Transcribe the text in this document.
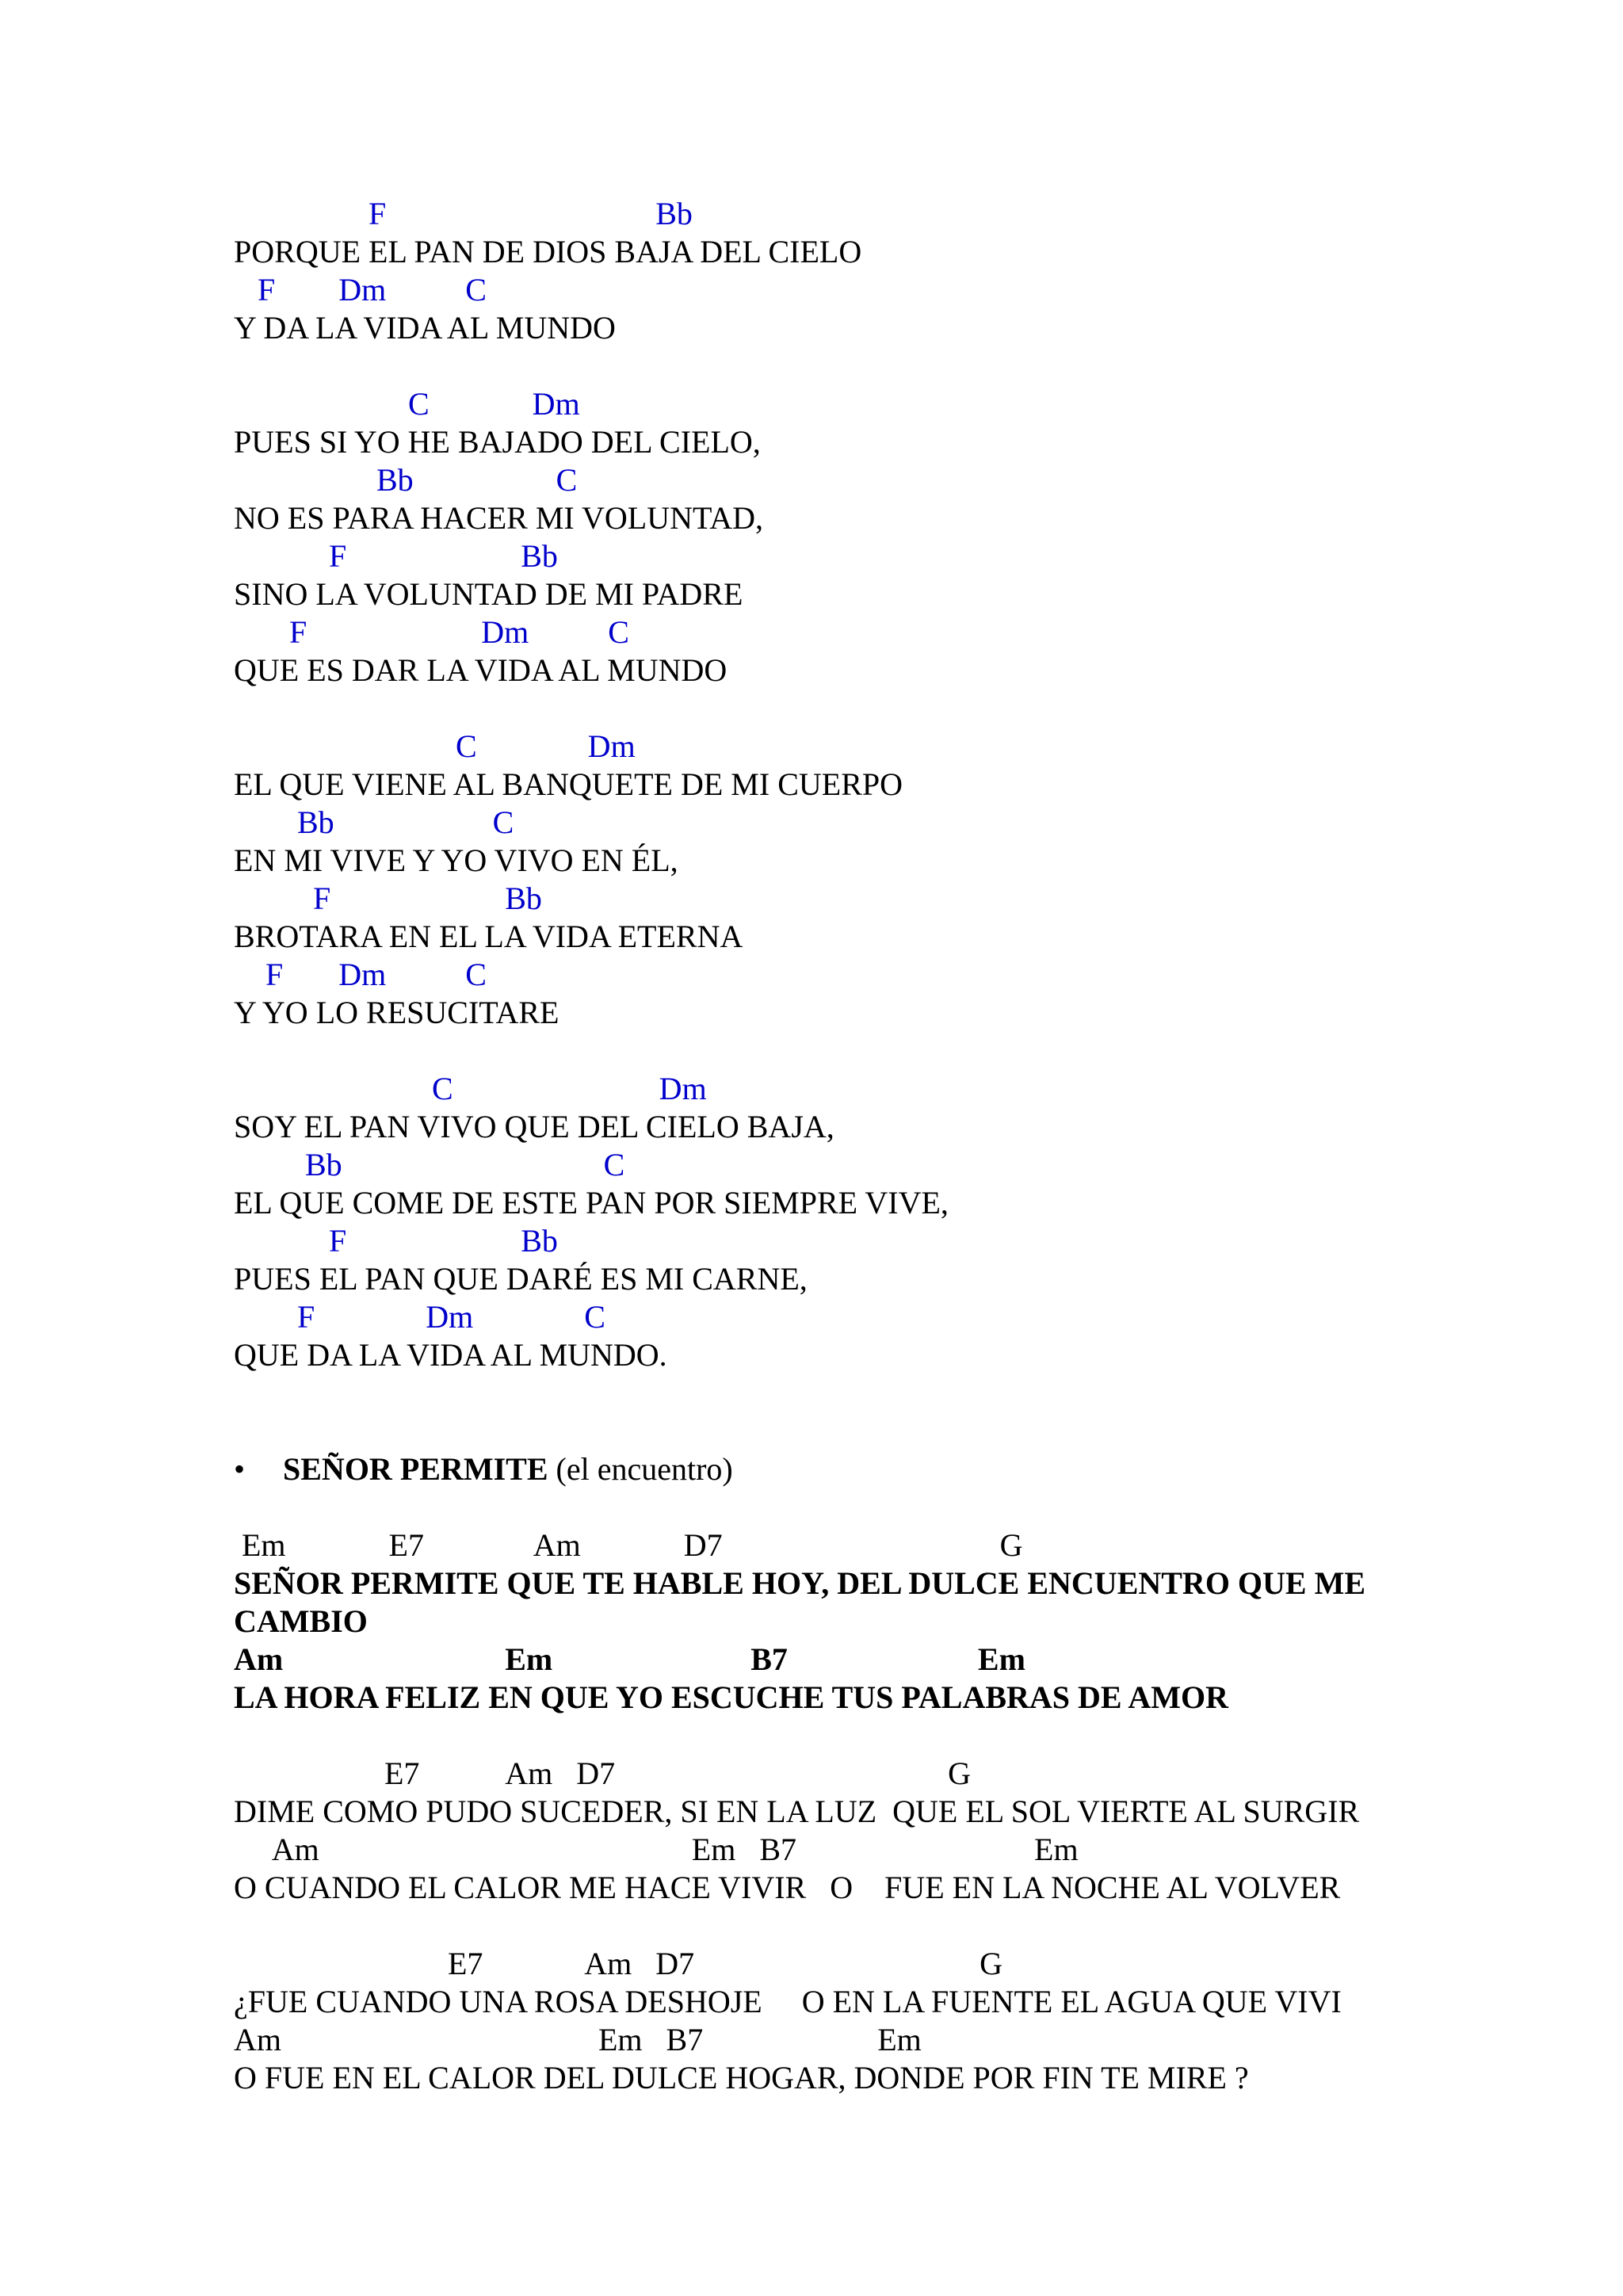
F                                  Bb
PORQUE EL PAN DE DIOS BAJA DEL CIELO
F        Dm          C
Y DA LA VIDA AL MUNDO
C             Dm
PUES SI YO HE BAJADO DEL CIELO,
Bb                  C
NO ES PARA HACER MI VOLUNTAD,
F                      Bb
SINO LA VOLUNTAD DE MI PADRE
F                      Dm          C
QUE ES DAR LA VIDA AL MUNDO
C              Dm
EL QUE VIENE AL BANQUETE DE MI CUERPO
Bb                    C
EN MI VIVE Y YO VIVO EN ÉL,
F                      Bb
BROTARA EN EL LA VIDA ETERNA
F       Dm          C
Y YO LO RESUCITARE
C                          Dm
SOY EL PAN VIVO QUE DEL CIELO BAJA,
Bb                                 C
EL QUE COME DE ESTE PAN POR SIEMPRE VIVE,
F                      Bb
PUES EL PAN QUE DARÉ ES MI CARNE,
F              Dm              C
QUE DA LA VIDA AL MUNDO.
• SEÑOR PERMITE (el encuentro)
Em             E7              Am             D7                                   G
SEÑOR PERMITE QUE TE HABLE HOY, DEL DULCE ENCUENTRO QUE ME
CAMBIO
Am                            Em                         B7                        Em
LA HORA FELIZ EN QUE YO ESCUCHE TUS PALABRAS DE AMOR
E7           Am   D7                                          G
DIME COMO PUDO SUCEDER, SI EN LA LUZ  QUE EL SOL VIERTE AL SURGIR
Am                                               Em   B7                              Em
O CUANDO EL CALOR ME HACE VIVIR   O    FUE EN LA NOCHE AL VOLVER
E7             Am   D7                                    G
¿FUE CUANDO UNA ROSA DESHOJE     O EN LA FUENTE EL AGUA QUE VIVI
Am                                        Em   B7                      Em
O FUE EN EL CALOR DEL DULCE HOGAR, DONDE POR FIN TE MIRE ?
